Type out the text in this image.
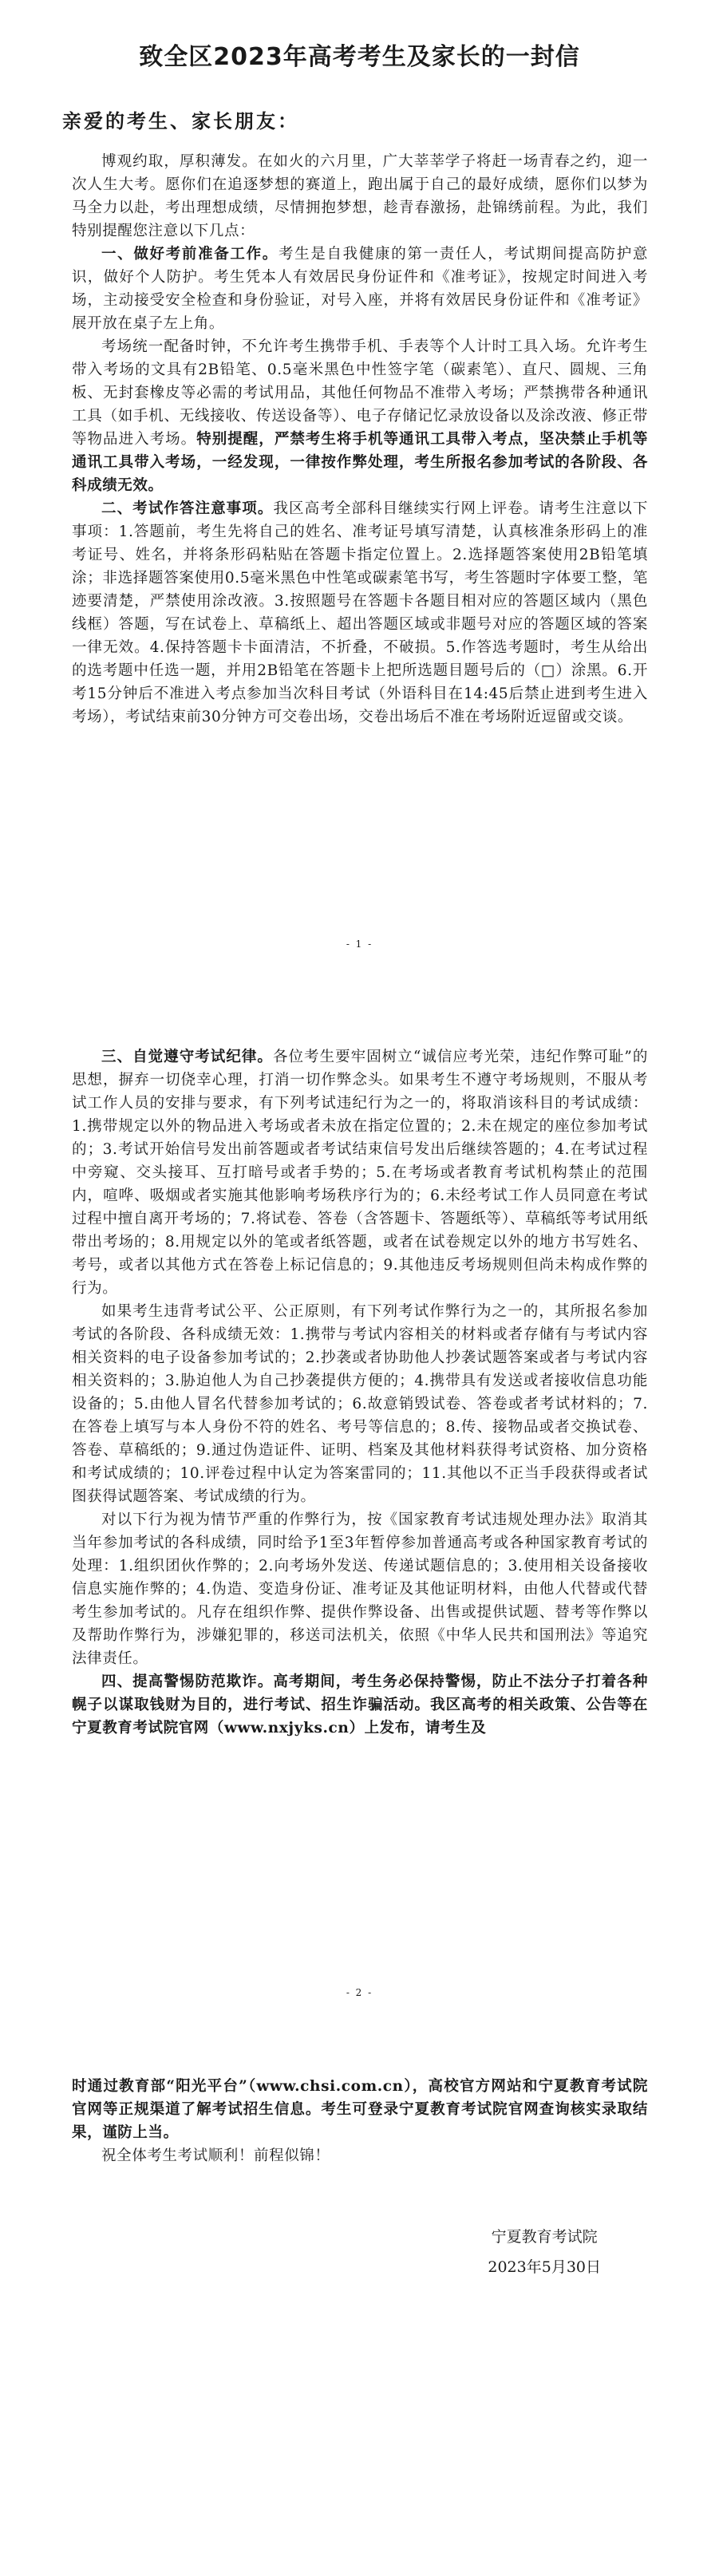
致全区2023年高考考生及家长的一封信
亲爱的考生、家长朋友：

博观约取，厚积薄发。在如火的六月里，广大莘莘学子将赶一场青春之约，迎一次人生大考。愿你们在追逐梦想的赛道上，跑出属于自己的最好成绩，愿你们以梦为马全力以赴，考出理想成绩，尽情拥抱梦想，趁青春激扬，赴锦绣前程。为此，我们特别提醒您注意以下几点：

一、做好考前准备工作。考生是自我健康的第一责任人，考试期间提高防护意识，做好个人防护。考生凭本人有效居民身份证件和《准考证》，按规定时间进入考场，主动接受安全检查和身份验证，对号入座，并将有效居民身份证件和《准考证》展开放在桌子左上角。

考场统一配备时钟，不允许考生携带手机、手表等个人计时工具入场。允许考生带入考场的文具有2B铅笔、0.5毫米黑色中性签字笔（碳素笔）、直尺、圆规、三角板、无封套橡皮等必需的考试用品，其他任何物品不准带入考场；严禁携带各种通讯工具（如手机、无线接收、传送设备等）、电子存储记忆录放设备以及涂改液、修正带等物品进入考场。特别提醒，严禁考生将手机等通讯工具带入考点，坚决禁止手机等通讯工具带入考场，一经发现，一律按作弊处理，考生所报名参加考试的各阶段、各科成绩无效。

二、考试作答注意事项。我区高考全部科目继续实行网上评卷。请考生注意以下事项：1.答题前，考生先将自己的姓名、准考证号填写清楚，认真核准条形码上的准考证号、姓名，并将条形码粘贴在答题卡指定位置上。2.选择题答案使用2B铅笔填涂；非选择题答案使用0.5毫米黑色中性笔或碳素笔书写，考生答题时字体要工整，笔迹要清楚，严禁使用涂改液。3.按照题号在答题卡各题目相对应的答题区域内（黑色线框）答题，写在试卷上、草稿纸上、超出答题区域或非题号对应的答题区域的答案一律无效。4.保持答题卡卡面清洁，不折叠，不破损。5.作答选考题时，考生从给出的选考题中任选一题，并用2B铅笔在答题卡上把所选题目题号后的（□）涂黑。6.开考15分钟后不准进入考点参加当次科目考试（外语科目在14:45后禁止进到考生进入考场），考试结束前30分钟方可交卷出场，交卷出场后不准在考场附近逗留或交谈。

- 1 -

三、自觉遵守考试纪律。各位考生要牢固树立“诚信应考光荣，违纪作弊可耻”的思想，摒弃一切侥幸心理，打消一切作弊念头。如果考生不遵守考场规则，不服从考试工作人员的安排与要求，有下列考试违纪行为之一的，将取消该科目的考试成绩：1.携带规定以外的物品进入考场或者未放在指定位置的；2.未在规定的座位参加考试的；3.考试开始信号发出前答题或者考试结束信号发出后继续答题的；4.在考试过程中旁窥、交头接耳、互打暗号或者手势的；5.在考场或者教育考试机构禁止的范围内，喧哗、吸烟或者实施其他影响考场秩序行为的；6.未经考试工作人员同意在考试过程中擅自离开考场的；7.将试卷、答卷（含答题卡、答题纸等）、草稿纸等考试用纸带出考场的；8.用规定以外的笔或者纸答题，或者在试卷规定以外的地方书写姓名、考号，或者以其他方式在答卷上标记信息的；9.其他违反考场规则但尚未构成作弊的行为。

如果考生违背考试公平、公正原则，有下列考试作弊行为之一的，其所报名参加考试的各阶段、各科成绩无效：1.携带与考试内容相关的材料或者存储有与考试内容相关资料的电子设备参加考试的；2.抄袭或者协助他人抄袭试题答案或者与考试内容相关资料的；3.胁迫他人为自己抄袭提供方便的；4.携带具有发送或者接收信息功能设备的；5.由他人冒名代替参加考试的；6.故意销毁试卷、答卷或者考试材料的；7.在答卷上填写与本人身份不符的姓名、考号等信息的；8.传、接物品或者交换试卷、答卷、草稿纸的；9.通过伪造证件、证明、档案及其他材料获得考试资格、加分资格和考试成绩的；10.评卷过程中认定为答案雷同的；11.其他以不正当手段获得或者试图获得试题答案、考试成绩的行为。

对以下行为视为情节严重的作弊行为，按《国家教育考试违规处理办法》取消其当年参加考试的各科成绩，同时给予1至3年暂停参加普通高考或各种国家教育考试的处理：1.组织团伙作弊的；2.向考场外发送、传递试题信息的；3.使用相关设备接收信息实施作弊的；4.伪造、变造身份证、准考证及其他证明材料，由他人代替或代替考生参加考试的。凡存在组织作弊、提供作弊设备、出售或提供试题、替考等作弊以及帮助作弊行为，涉嫌犯罪的，移送司法机关，依照《中华人民共和国刑法》等追究法律责任。

四、提高警惕防范欺诈。高考期间，考生务必保持警惕，防止不法分子打着各种幌子以谋取钱财为目的，进行考试、招生诈骗活动。我区高考的相关政策、公告等在宁夏教育考试院官网（www.nxjyks.cn）上发布，请考生及

- 2 -

时通过教育部“阳光平台”（www.chsi.com.cn），高校官方网站和宁夏教育考试院官网等正规渠道了解考试招生信息。考生可登录宁夏教育考试院官网查询核实录取结果，谨防上当。

祝全体考生考试顺利！前程似锦！

宁夏教育考试院
2023年5月30日
